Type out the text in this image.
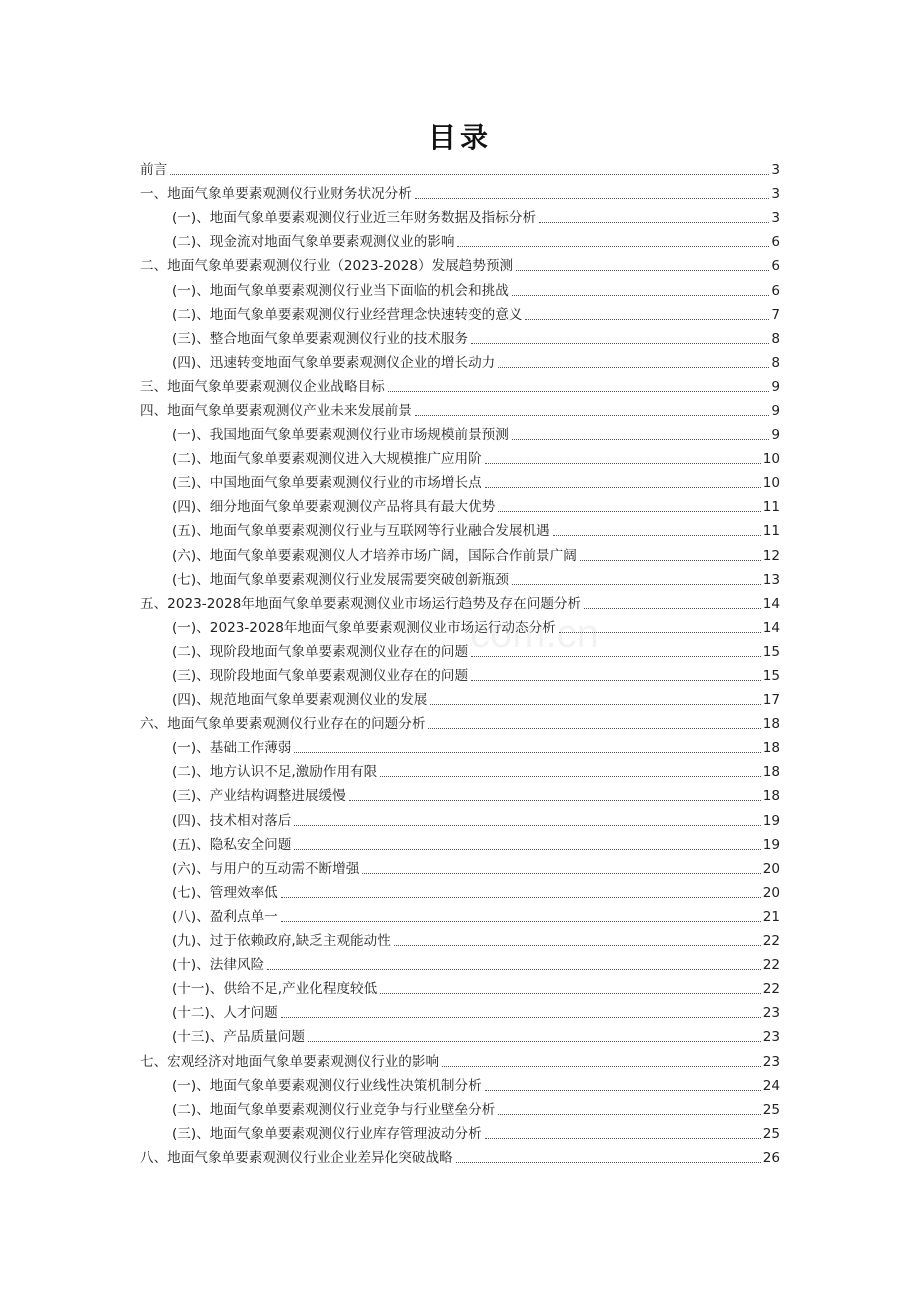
目录
前言	3
一、地面气象单要素观测仪行业财务状况分析	3
(一)、地面气象单要素观测仪行业近三年财务数据及指标分析	3
(二)、现金流对地面气象单要素观测仪业的影响	6
二、地面气象单要素观测仪行业（2023-2028）发展趋势预测	6
(一)、地面气象单要素观测仪行业当下面临的机会和挑战	6
(二)、地面气象单要素观测仪行业经营理念快速转变的意义	7
(三)、整合地面气象单要素观测仪行业的技术服务	8
(四)、迅速转变地面气象单要素观测仪企业的增长动力	8
三、地面气象单要素观测仪企业战略目标	9
四、地面气象单要素观测仪产业未来发展前景	9
(一)、我国地面气象单要素观测仪行业市场规模前景预测	9
(二)、地面气象单要素观测仪进入大规模推广应用阶	10
(三)、中国地面气象单要素观测仪行业的市场增长点	10
(四)、细分地面气象单要素观测仪产品将具有最大优势	11
(五)、地面气象单要素观测仪行业与互联网等行业融合发展机遇	11
(六)、地面气象单要素观测仪人才培养市场广阔，国际合作前景广阔	12
(七)、地面气象单要素观测仪行业发展需要突破创新瓶颈	13
五、2023-2028年地面气象单要素观测仪业市场运行趋势及存在问题分析	14
(一)、2023-2028年地面气象单要素观测仪业市场运行动态分析	14
(二)、现阶段地面气象单要素观测仪业存在的问题	15
(三)、现阶段地面气象单要素观测仪业存在的问题	15
(四)、规范地面气象单要素观测仪业的发展	17
六、地面气象单要素观测仪行业存在的问题分析	18
(一)、基础工作薄弱	18
(二)、地方认识不足,激励作用有限	18
(三)、产业结构调整进展缓慢	18
(四)、技术相对落后	19
(五)、隐私安全问题	19
(六)、与用户的互动需不断增强	20
(七)、管理效率低	20
(八)、盈利点单一	21
(九)、过于依赖政府,缺乏主观能动性	22
(十)、法律风险	22
(十一)、供给不足,产业化程度较低	22
(十二)、人才问题	23
(十三)、产品质量问题	23
七、宏观经济对地面气象单要素观测仪行业的影响	23
(一)、地面气象单要素观测仪行业线性决策机制分析	24
(二)、地面气象单要素观测仪行业竞争与行业壁垒分析	25
(三)、地面气象单要素观测仪行业库存管理波动分析	25
八、地面气象单要素观测仪行业企业差异化突破战略	26
com.cn
